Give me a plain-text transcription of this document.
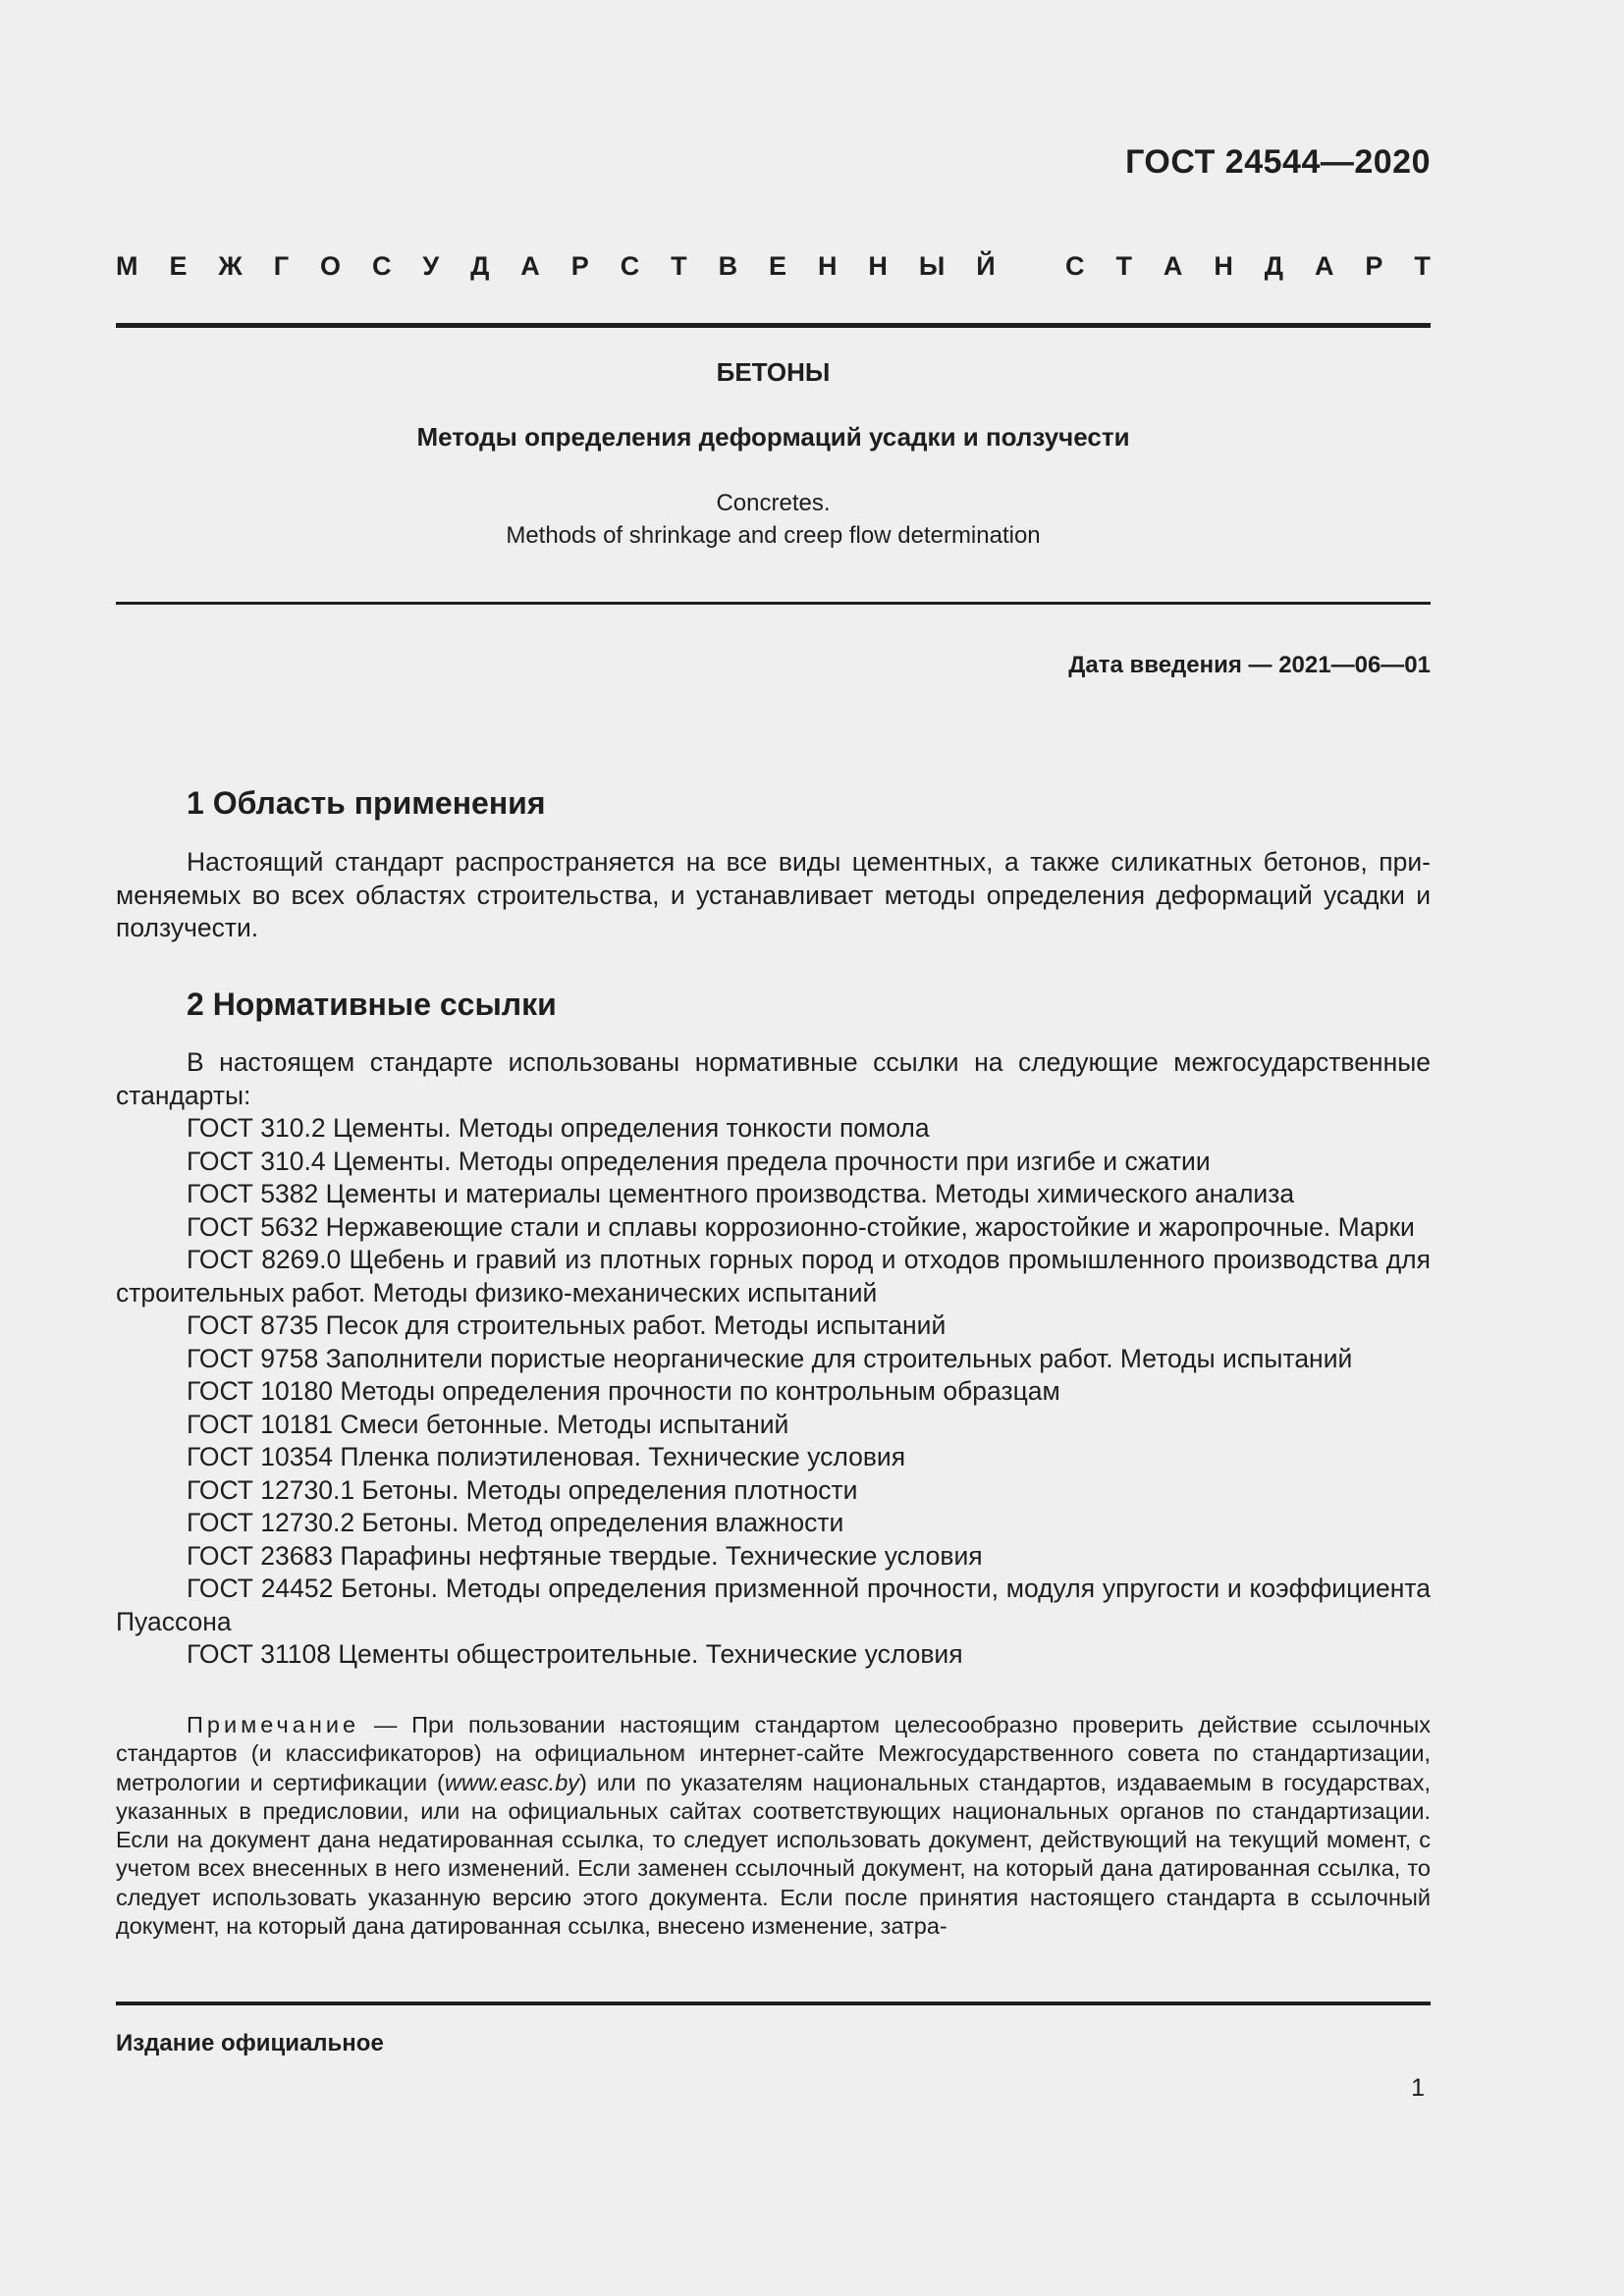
ГОСТ 24544—2020
М Е Ж Г О С У Д А Р С Т В Е Н Н Ы Й
	С Т А Н Д А Р Т
БЕТОНЫ
Методы определения деформаций усадки и ползучести
Concretes.
Methods of shrinkage and creep flow determination
Дата введения — 2021—06—01
1 Область применения

Настоящий стандарт распространяется на все виды цементных, а также силикатных бетонов, применяемых во всех областях строительства, и устанавливает методы определения деформаций усадки и ползучести.

2 Нормативные ссылки

В настоящем стандарте использованы нормативные ссылки на следующие межгосударственные стандарты:

ГОСТ 310.2 Цементы. Методы определения тонкости помола
ГОСТ 310.4 Цементы. Методы определения предела прочности при изгибе и сжатии
ГОСТ 5382 Цементы и материалы цементного производства. Методы химического анализа
ГОСТ 5632 Нержавеющие стали и сплавы коррозионно-стойкие, жаростойкие и жаропрочные. Марки
ГОСТ 8269.0 Щебень и гравий из плотных горных пород и отходов промышленного производства для строительных работ. Методы физико-механических испытаний
ГОСТ 8735 Песок для строительных работ. Методы испытаний
ГОСТ 9758 Заполнители пористые неорганические для строительных работ. Методы испытаний
ГОСТ 10180 Методы определения прочности по контрольным образцам
ГОСТ 10181 Смеси бетонные. Методы испытаний
ГОСТ 10354 Пленка полиэтиленовая. Технические условия
ГОСТ 12730.1 Бетоны. Методы определения плотности
ГОСТ 12730.2 Бетоны. Метод определения влажности
ГОСТ 23683 Парафины нефтяные твердые. Технические условия
ГОСТ 24452 Бетоны. Методы определения призменной прочности, модуля упругости и коэффициента Пуассона
ГОСТ 31108 Цементы общестроительные. Технические условия

Примечание — При пользовании настоящим стандартом целесообразно проверить действие ссылочных стандартов (и классификаторов) на официальном интернет-сайте Межгосударственного совета по стандартизации, метрологии и сертификации (www.easc.by) или по указателям национальных стандартов, издаваемым в государствах, указанных в предисловии, или на официальных сайтах соответствующих национальных органов по стандартизации. Если на документ дана недатированная ссылка, то следует использовать документ, действующий на текущий момент, с учетом всех внесенных в него изменений. Если заменен ссылочный документ, на который дана датированная ссылка, то следует использовать указанную версию этого документа. Если после принятия настоящего стандарта в ссылочный документ, на который дана датированная ссылка, внесено изменение, затра-

Издание официальное
1
